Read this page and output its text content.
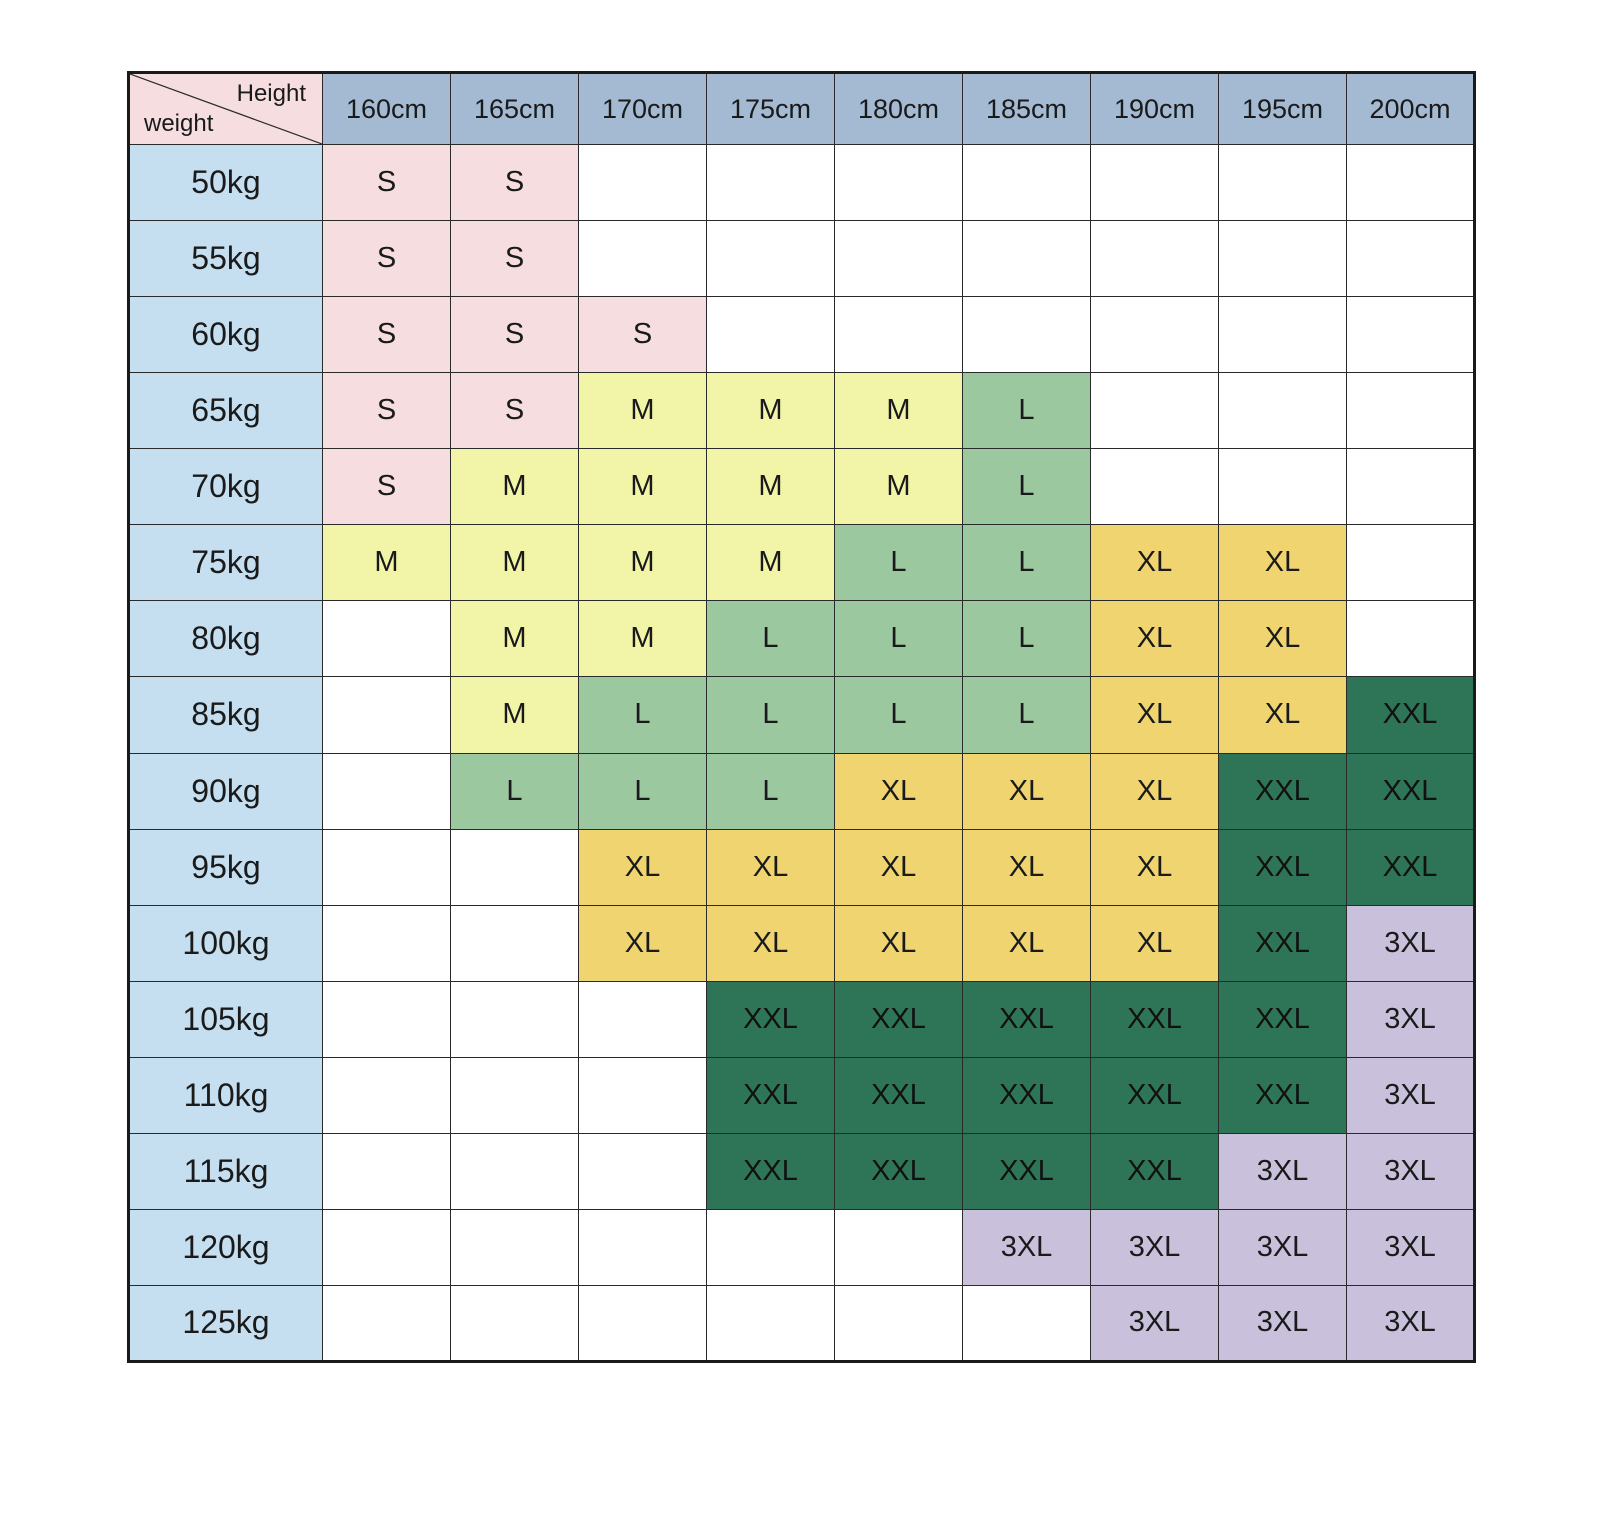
Height
weight	160cm	165cm	170cm	175cm	180cm	185cm	190cm	195cm	200cm
50kg	S	S							
55kg	S	S							
60kg	S	S	S						
65kg	S	S	M	M	M	L			
70kg	S	M	M	M	M	L			
75kg	M	M	M	M	L	L	XL	XL	
80kg		M	M	L	L	L	XL	XL	
85kg		M	L	L	L	L	XL	XL	XXL
90kg		L	L	L	XL	XL	XL	XXL	XXL
95kg			XL	XL	XL	XL	XL	XXL	XXL
100kg			XL	XL	XL	XL	XL	XXL	3XL
105kg				XXL	XXL	XXL	XXL	XXL	3XL
110kg				XXL	XXL	XXL	XXL	XXL	3XL
115kg				XXL	XXL	XXL	XXL	3XL	3XL
120kg						3XL	3XL	3XL	3XL
125kg							3XL	3XL	3XL
